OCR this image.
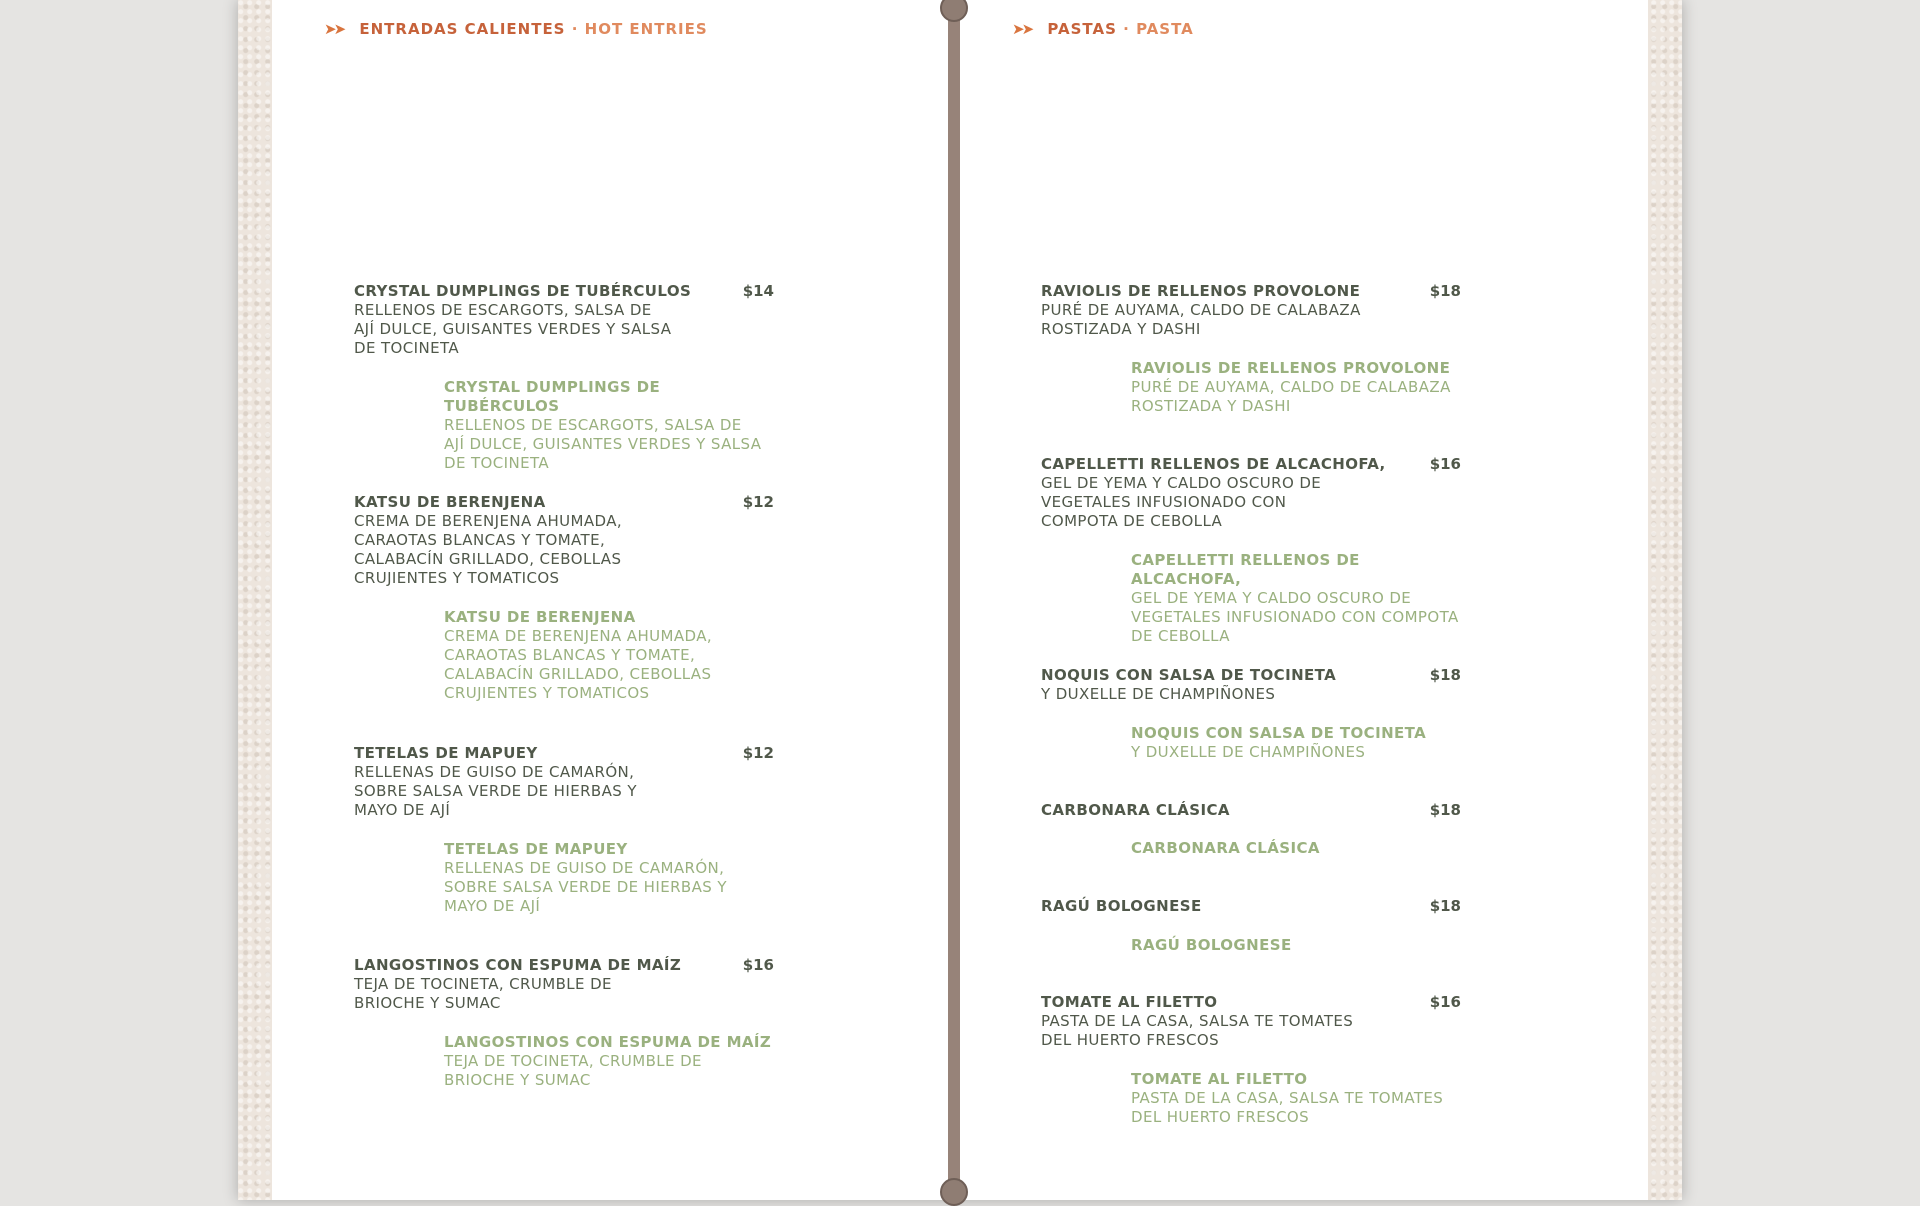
➤➤ ENTRADAS CALIENTES · HOT ENTRIES	➤➤ PASTAS · PASTA
CRYSTAL DUMPLINGS DE TUBÉRCULOS	$14
RELLENOS DE ESCARGOTS, SALSA DE AJÍ DULCE, GUISANTES VERDES Y SALSA DE TOCINETA
CRYSTAL DUMPLINGS DE TUBÉRCULOS
RELLENOS DE ESCARGOTS, SALSA DE AJÍ DULCE, GUISANTES VERDES Y SALSA DE TOCINETA
KATSU DE BERENJENA	$12
CREMA DE BERENJENA AHUMADA, CARAOTAS BLANCAS Y TOMATE, CALABACÍN GRILLADO, CEBOLLAS CRUJIENTES Y TOMATICOS
KATSU DE BERENJENA
CREMA DE BERENJENA AHUMADA, CARAOTAS BLANCAS Y TOMATE, CALABACÍN GRILLADO, CEBOLLAS CRUJIENTES Y TOMATICOS
TETELAS DE MAPUEY	$12
RELLENAS DE GUISO DE CAMARÓN, SOBRE SALSA VERDE DE HIERBAS Y MAYO DE AJÍ
TETELAS DE MAPUEY
RELLENAS DE GUISO DE CAMARÓN, SOBRE SALSA VERDE DE HIERBAS Y MAYO DE AJÍ
LANGOSTINOS CON ESPUMA DE MAÍZ	$16
TEJA DE TOCINETA, CRUMBLE DE BRIOCHE Y SUMAC
LANGOSTINOS CON ESPUMA DE MAÍZ
TEJA DE TOCINETA, CRUMBLE DE BRIOCHE Y SUMAC
RAVIOLIS DE RELLENOS PROVOLONE	$18
PURÉ DE AUYAMA, CALDO DE CALABAZA ROSTIZADA Y DASHI
RAVIOLIS DE RELLENOS PROVOLONE
PURÉ DE AUYAMA, CALDO DE CALABAZA ROSTIZADA Y DASHI
CAPELLETTI RELLENOS DE ALCACHOFA,	$16
GEL DE YEMA Y CALDO OSCURO DE VEGETALES INFUSIONADO CON COMPOTA DE CEBOLLA
CAPELLETTI RELLENOS DE ALCACHOFA,
GEL DE YEMA Y CALDO OSCURO DE VEGETALES INFUSIONADO CON COMPOTA DE CEBOLLA
NOQUIS CON SALSA DE TOCINETA	$18
Y DUXELLE DE CHAMPIÑONES
NOQUIS CON SALSA DE TOCINETA
Y DUXELLE DE CHAMPIÑONES
CARBONARA CLÁSICA	$18
CARBONARA CLÁSICA
RAGÚ BOLOGNESE	$18
RAGÚ BOLOGNESE
TOMATE AL FILETTO	$16
PASTA DE LA CASA, SALSA TE TOMATES DEL HUERTO FRESCOS
TOMATE AL FILETTO
PASTA DE LA CASA, SALSA TE TOMATES DEL HUERTO FRESCOS
